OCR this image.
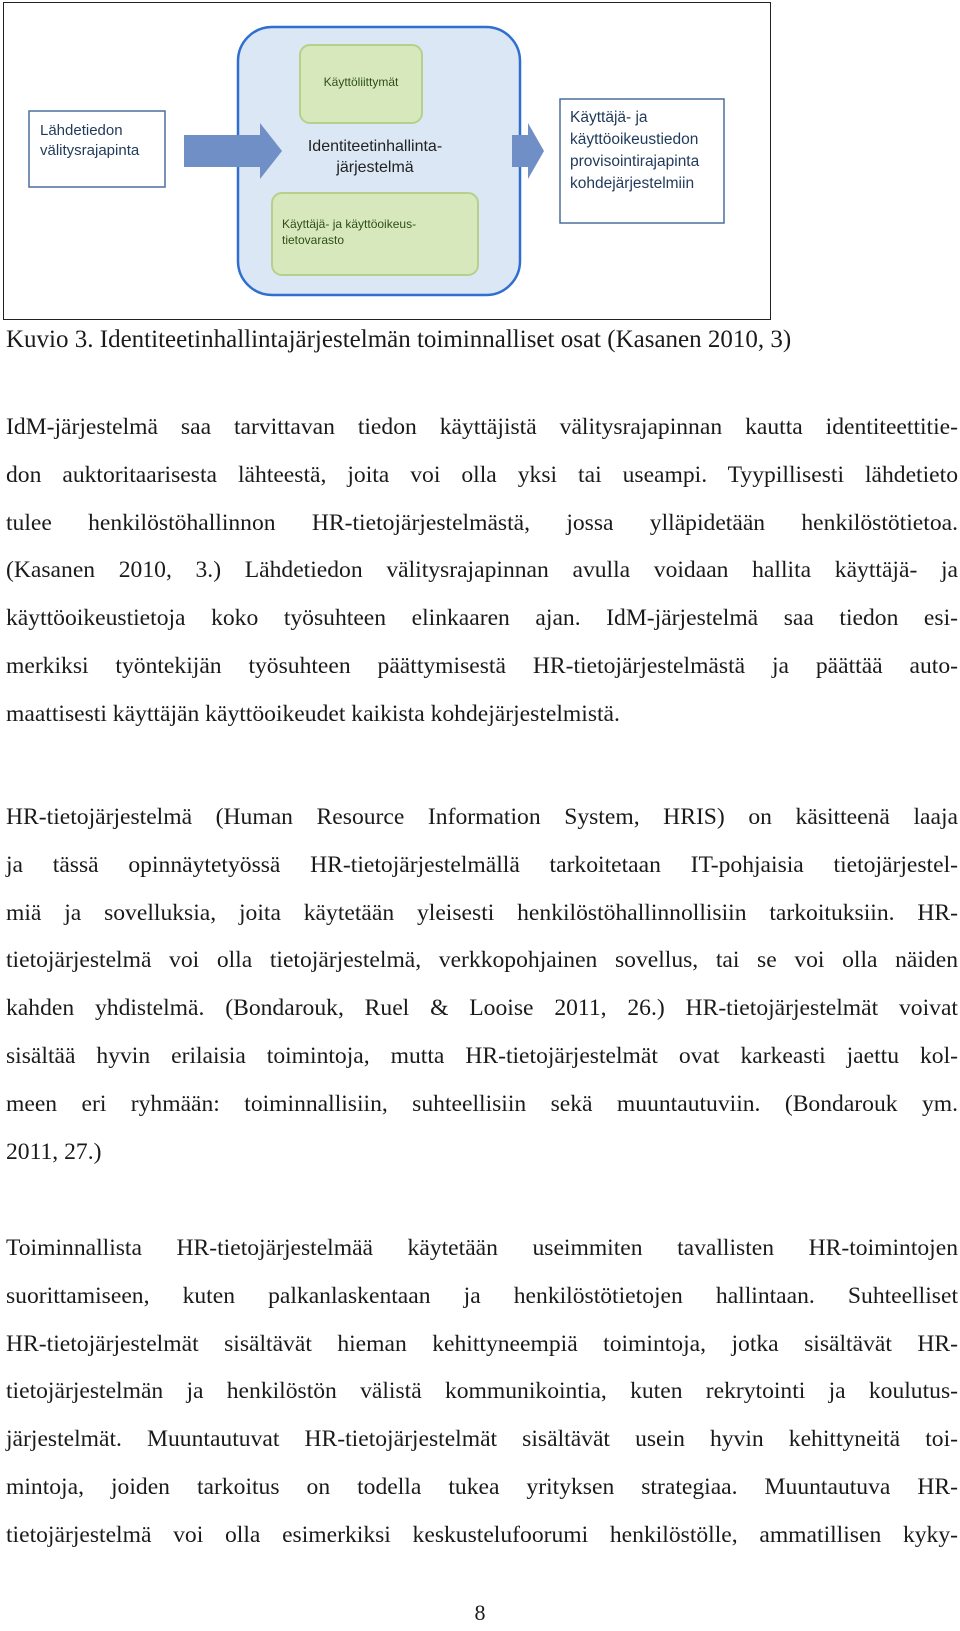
Lähdetiedon
välitysrajapinta
Käyttöliittymät
Identiteetinhallinta-
järjestelmä
Käyttäjä- ja käyttöoikeus-
tietovarasto
Käyttäjä- ja
käyttöoikeustiedon
provisointirajapinta
kohdejärjestelmiin
Kuvio 3. Identiteetinhallintajärjestelmän toiminnalliset osat (Kasanen 2010, 3)
IdM-järjestelmä saa tarvittavan tiedon käyttäjistä välitysrajapinnan kautta identiteettitie-
don auktoritaarisesta lähteestä, joita voi olla yksi tai useampi. Tyypillisesti lähdetieto
tulee henkilöstöhallinnon HR-tietojärjestelmästä, jossa ylläpidetään henkilöstötietoa.
(Kasanen 2010, 3.) Lähdetiedon välitysrajapinnan avulla voidaan hallita käyttäjä- ja
käyttöoikeustietoja koko työsuhteen elinkaaren ajan. IdM-järjestelmä saa tiedon esi-
merkiksi työntekijän työsuhteen päättymisestä HR-tietojärjestelmästä ja päättää auto-
maattisesti käyttäjän käyttöoikeudet kaikista kohdejärjestelmistä.
HR-tietojärjestelmä (Human Resource Information System, HRIS) on käsitteenä laaja
ja tässä opinnäytetyössä HR-tietojärjestelmällä tarkoitetaan IT-pohjaisia tietojärjestel-
miä ja sovelluksia, joita käytetään yleisesti henkilöstöhallinnollisiin tarkoituksiin. HR-
tietojärjestelmä voi olla tietojärjestelmä, verkkopohjainen sovellus, tai se voi olla näiden
kahden yhdistelmä. (Bondarouk, Ruel & Looise 2011, 26.) HR-tietojärjestelmät voivat
sisältää hyvin erilaisia toimintoja, mutta HR-tietojärjestelmät ovat karkeasti jaettu kol-
meen eri ryhmään: toiminnallisiin, suhteellisiin sekä muuntautuviin. (Bondarouk ym.
2011, 27.)
Toiminnallista HR-tietojärjestelmää käytetään useimmiten tavallisten HR-toimintojen
suorittamiseen, kuten palkanlaskentaan ja henkilöstötietojen hallintaan. Suhteelliset
HR-tietojärjestelmät sisältävät hieman kehittyneempiä toimintoja, jotka sisältävät HR-
tietojärjestelmän ja henkilöstön välistä kommunikointia, kuten rekrytointi ja koulutus-
järjestelmät. Muuntautuvat HR-tietojärjestelmät sisältävät usein hyvin kehittyneitä toi-
mintoja, joiden tarkoitus on todella tukea yrityksen strategiaa. Muuntautuva HR-
tietojärjestelmä voi olla esimerkiksi keskustelufoorumi henkilöstölle, ammatillisen kyky-
8
